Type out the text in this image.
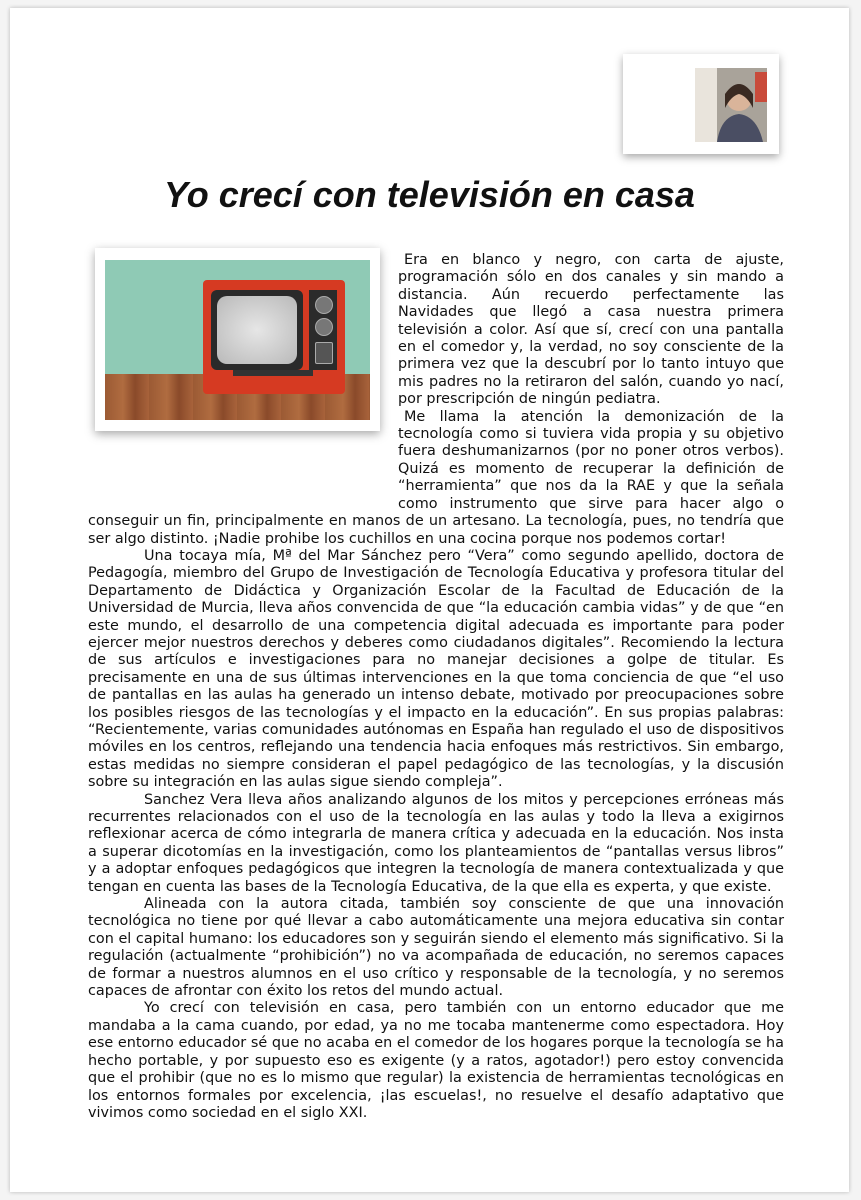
Yo crecí con televisión en casa

Era en blanco y negro, con carta de ajuste, programación sólo en dos canales y sin mando a distancia. Aún recuerdo perfectamente las Navidades que llegó a casa nuestra primera televisión a color. Así que sí, crecí con una pantalla en el comedor y, la verdad, no soy consciente de la primera vez que la descubrí por lo tanto intuyo que mis padres no la retiraron del salón, cuando yo nací, por prescripción de ningún pediatra.

Me llama la atención la demonización de la tecnología como si tuviera vida propia y su objetivo fuera deshumanizarnos (por no poner otros verbos). Quizá es momento de recuperar la definición de “herramienta” que nos da la RAE y que la señala como instrumento que sirve para hacer algo o conseguir un fin, principalmente en manos de un artesano. La tecnología, pues, no tendría que ser algo distinto. ¡Nadie prohibe los cuchillos en una cocina porque nos podemos cortar!

Una tocaya mía, Mª del Mar Sánchez pero “Vera” como segundo apellido, doctora de Pedagogía, miembro del Grupo de Investigación de Tecnología Educativa y profesora titular del Departamento de Didáctica y Organización Escolar de la Facultad de Educación de la Universidad de Murcia, lleva años convencida de que “la educación cambia vidas” y de que “en este mundo, el desarrollo de una competencia digital adecuada es importante para poder ejercer mejor nuestros derechos y deberes como ciudadanos digitales”. Recomiendo la lectura de sus artículos e investigaciones para no manejar decisiones a golpe de titular. Es precisamente en una de sus últimas intervenciones en la que toma conciencia de que “el uso de pantallas en las aulas ha generado un intenso debate, motivado por preocupaciones sobre los posibles riesgos de las tecnologías y el impacto en la educación”. En sus propias palabras: “Recientemente, varias comunidades autónomas en España han regulado el uso de dispositivos móviles en los centros, reflejando una tendencia hacia enfoques más restrictivos. Sin embargo, estas medidas no siempre consideran el papel pedagógico de las tecnologías, y la discusión sobre su integración en las aulas sigue siendo compleja”.

Sanchez Vera lleva años analizando algunos de los mitos y percepciones erróneas más recurrentes relacionados con el uso de la tecnología en las aulas y todo la lleva a exigirnos reflexionar acerca de cómo integrarla de manera crítica y adecuada en la educación. Nos insta a superar dicotomías en la investigación, como los planteamientos de “pantallas versus libros” y a adoptar enfoques pedagógicos que integren la tecnología de manera contextualizada y que tengan en cuenta las bases de la Tecnología Educativa, de la que ella es experta, y que existe.

Alineada con la autora citada, también soy consciente de que una innovación tecnológica no tiene por qué llevar a cabo automáticamente una mejora educativa sin contar con el capital humano: los educadores son y seguirán siendo el elemento más significativo. Si la regulación (actualmente “prohibición”) no va acompañada de educación, no seremos capaces de formar a nuestros alumnos en el uso crítico y responsable de la tecnología, y no seremos capaces de afrontar con éxito los retos del mundo actual.

Yo crecí con televisión en casa, pero también con un entorno educador que me mandaba a la cama cuando, por edad, ya no me tocaba mantenerme como espectadora. Hoy ese entorno educador sé que no acaba en el comedor de los hogares porque la tecnología se ha hecho portable, y por supuesto eso es exigente (y a ratos, agotador!) pero estoy convencida que el prohibir (que no es lo mismo que regular) la existencia de herramientas tecnológicas en los entornos formales por excelencia, ¡las escuelas!, no resuelve el desafío adaptativo que vivimos como sociedad en el siglo XXI.
